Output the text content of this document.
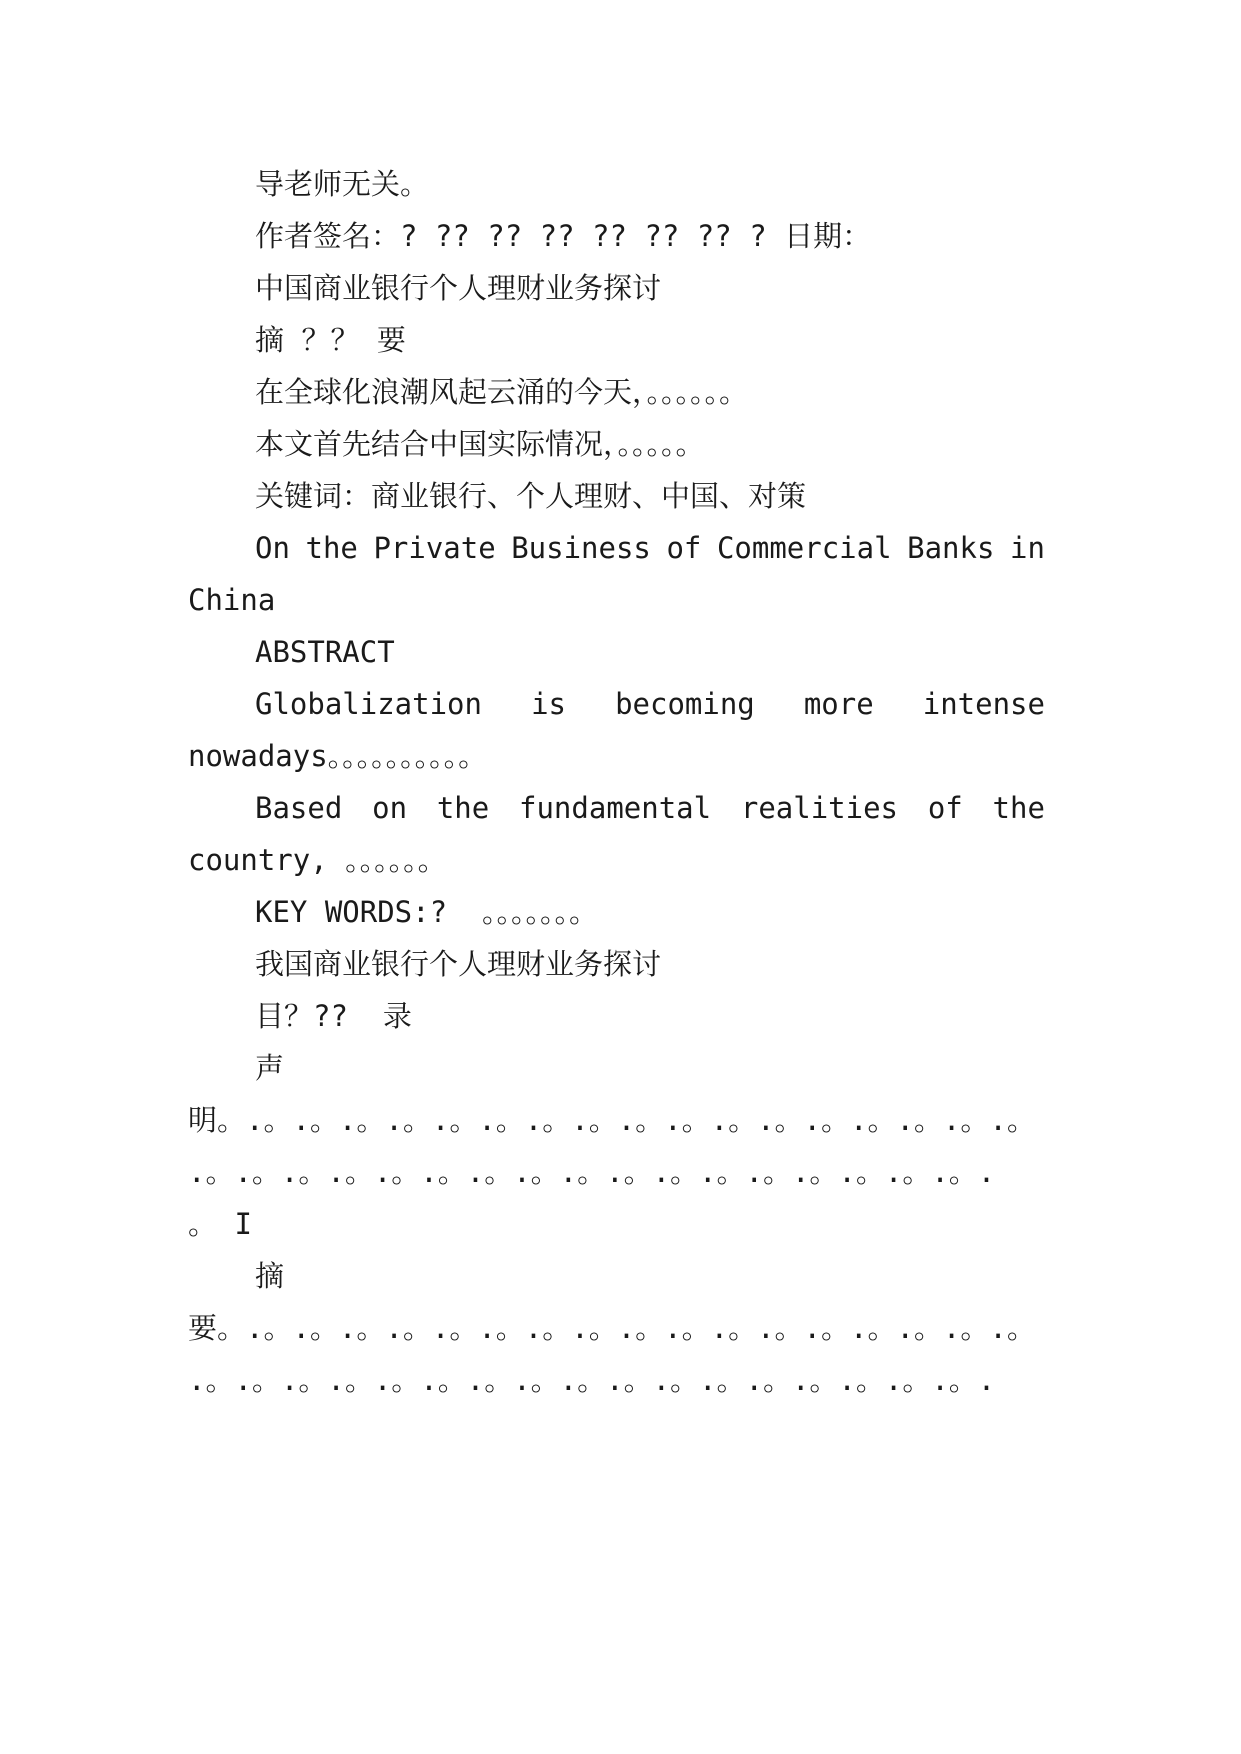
导老师无关。
作者签名：? ?? ?? ?? ?? ?? ?? ? 日期：
中国商业银行个人理财业务探讨
摘 ？？ 要
在全球化浪潮风起云涌的今天，。。。。。。
本文首先结合中国实际情况，。。。。。
关键词：商业银行、个人理财、中国、对策
On the Private Business of Commercial Banks in
China
ABSTRACT
Globalization is becoming more intense
nowadays。。。。。。。。。。
Based on the fundamental realities of the
country, 。。。。。。
KEY WORDS:?  。。。。。。。
我国商业银行个人理财业务探讨
目？??  录
声
明。.。.。.。.。.。.。.。.。.。.。.。.。.。.。.。.。.。
.。.。.。.。.。.。.。.。.。.。.。.。.。.。.。.。.。.
。 I
摘
要。.。.。.。.。.。.。.。.。.。.。.。.。.。.。.。.。.。
.。.。.。.。.。.。.。.。.。.。.。.。.。.。.。.。.。.
